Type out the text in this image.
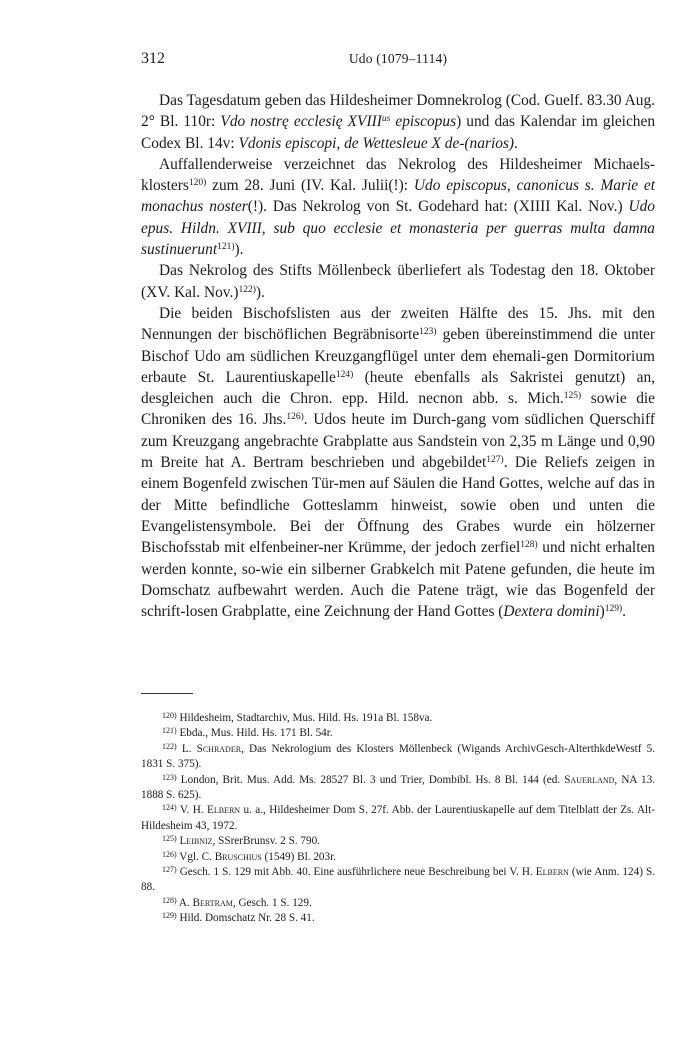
312	Udo (1079–1114)

Das Tagesdatum geben das Hildesheimer Domnekrolog (Cod. Guelf. 83.30 Aug. 2° Bl. 110r: Vdo nostrę ecclesię $XVIII^{us}$ episcopus) und das Kalendar im gleichen Codex Bl. 14v: Vdonis episcopi, de Wettesleue X de-(narios).

Auffallenderweise verzeichnet das Nekrolog des Hildesheimer Michaels-klosters$^{120)}$ zum 28. Juni (IV. Kal. Julii(!): Udo episcopus, canonicus s. Marie et monachus noster(!). Das Nekrolog von St. Godehard hat: (XIIII Kal. Nov.) Udo epus. Hildn. XVIII, sub quo ecclesie et monasteria per guerras multa damna sustinuerunt$^{121)}$).

Das Nekrolog des Stifts Möllenbeck überliefert als Todestag den 18. Oktober (XV. Kal. Nov.)$^{122)}$).

Die beiden Bischofslisten aus der zweiten Hälfte des 15. Jhs. mit den Nennungen der bischöflichen Begräbnisorte$^{123)}$ geben übereinstimmend die unter Bischof Udo am südlichen Kreuzgangflügel unter dem ehemali-gen Dormitorium erbaute St. Laurentiuskapelle$^{124)}$ (heute ebenfalls als Sakristei genutzt) an, desgleichen auch die Chron. epp. Hild. necnon abb. s. Mich.$^{125)}$ sowie die Chroniken des 16. Jhs.$^{126)}$. Udos heute im Durch-gang vom südlichen Querschiff zum Kreuzgang angebrachte Grabplatte aus Sandstein von 2,35 m Länge und 0,90 m Breite hat A. Bertram beschrieben und abgebildet$^{127)}$. Die Reliefs zeigen in einem Bogenfeld zwischen Tür-men auf Säulen die Hand Gottes, welche auf das in der Mitte befindliche Gotteslamm hinweist, sowie oben und unten die Evangelistensymbole. Bei der Öffnung des Grabes wurde ein hölzerner Bischofsstab mit elfenbeiner-ner Krümme, der jedoch zerfiel$^{128)}$ und nicht erhalten werden konnte, so-wie ein silberner Grabkelch mit Patene gefunden, die heute im Domschatz aufbewahrt werden. Auch die Patene trägt, wie das Bogenfeld der schrift-losen Grabplatte, eine Zeichnung der Hand Gottes (Dextera domini)$^{129)}$.

$^{120)}$ Hildesheim, Stadtarchiv, Mus. Hild. Hs. 191a Bl. 158va.

$^{121)}$ Ebda., Mus. Hild. Hs. 171 Bl. 54r.

$^{122)}$ L. Schrader, Das Nekrologium des Klosters Möllenbeck (Wigands ArchivGesch-AlterthkdeWestf 5. 1831 S. 375).

$^{123)}$ London, Brit. Mus. Add. Ms. 28527 Bl. 3 und Trier, Dombibl. Hs. 8 Bl. 144 (ed. Sauerland, NA 13. 1888 S. 625).

$^{124)}$ V. H. Elbern u. a., Hildesheimer Dom S. 27f. Abb. der Laurentiuskapelle auf dem Titelblatt der Zs. Alt-Hildesheim 43, 1972.

$^{125)}$ Leibniz, SSrerBrunsv. 2 S. 790.

$^{126)}$ Vgl. C. Bruschius (1549) Bl. 203r.

$^{127)}$ Gesch. 1 S. 129 mit Abb. 40. Eine ausführlichere neue Beschreibung bei V. H. Elbern (wie Anm. 124) S. 88.

$^{128)}$ A. Bertram, Gesch. 1 S. 129.

$^{129)}$ Hild. Domschatz Nr. 28 S. 41.
